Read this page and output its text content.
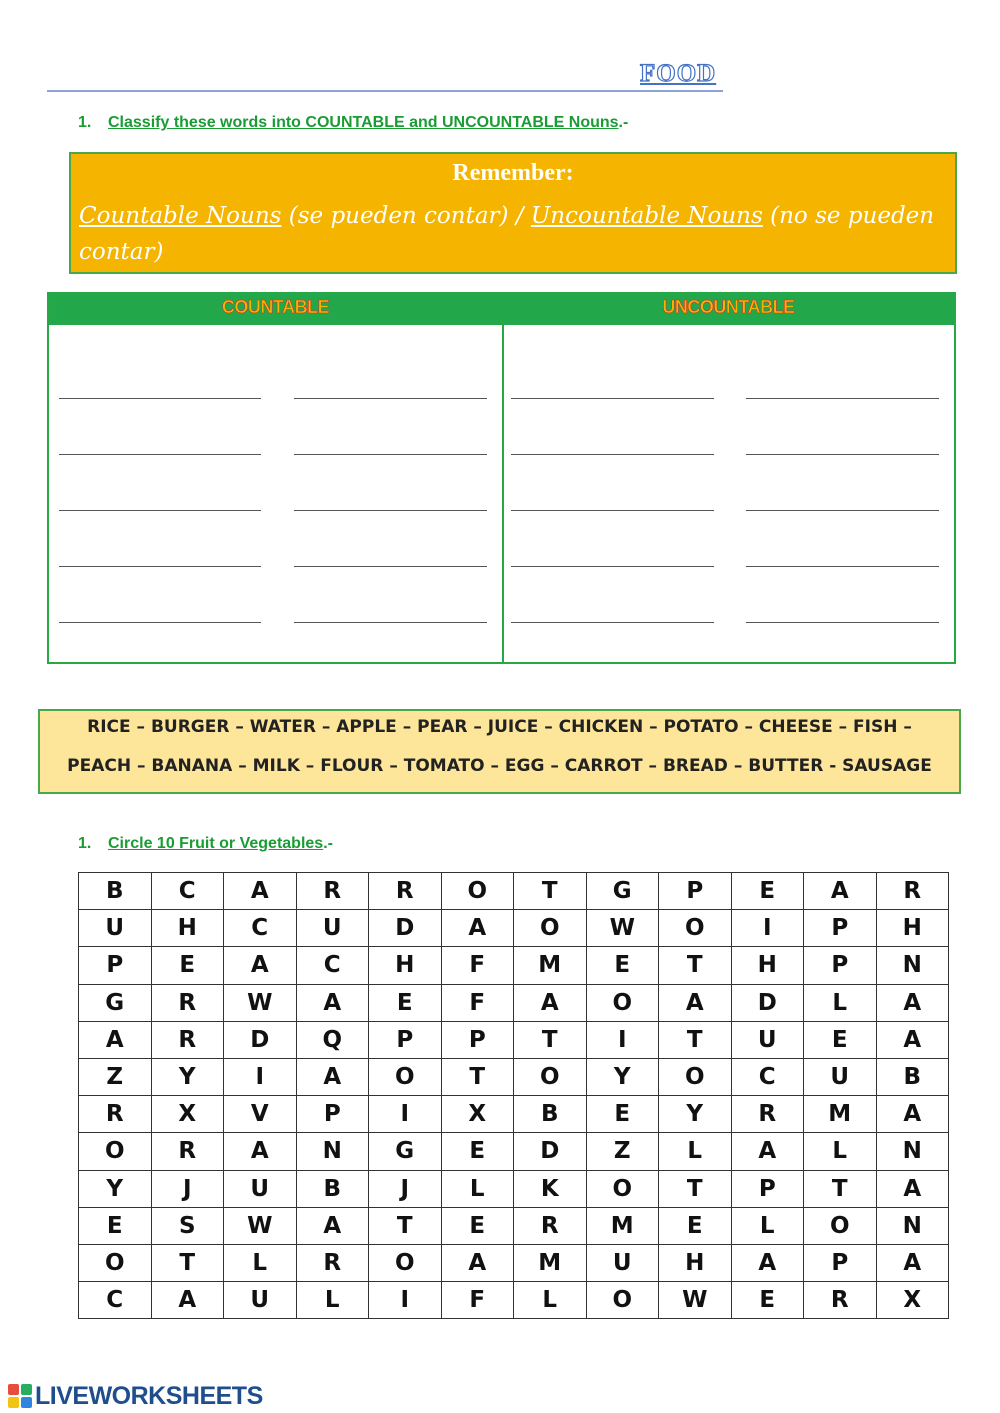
FOOD
1. Classify these words into COUNTABLE and UNCOUNTABLE Nouns.-
Remember:
Countable Nouns (se pueden contar) / Uncountable Nouns (no se pueden contar)
COUNTABLE	UNCOUNTABLE
RICE – BURGER – WATER – APPLE – PEAR – JUICE – CHICKEN – POTATO – CHEESE – FISH –
PEACH – BANANA – MILK – FLOUR – TOMATO – EGG – CARROT – BREAD – BUTTER - SAUSAGE
1. Circle 10 Fruit or Vegetables.-
B	C	A	R	R	O	T	G	P	E	A	R
U	H	C	U	D	A	O	W	O	I	P	H
P	E	A	C	H	F	M	E	T	H	P	N
G	R	W	A	E	F	A	O	A	D	L	A
A	R	D	Q	P	P	T	I	T	U	E	A
Z	Y	I	A	O	T	O	Y	O	C	U	B
R	X	V	P	I	X	B	E	Y	R	M	A
O	R	A	N	G	E	D	Z	L	A	L	N
Y	J	U	B	J	L	K	O	T	P	T	A
E	S	W	A	T	E	R	M	E	L	O	N
O	T	L	R	O	A	M	U	H	A	P	A
C	A	U	L	I	F	L	O	W	E	R	X
LIVEWORKSHEETS
